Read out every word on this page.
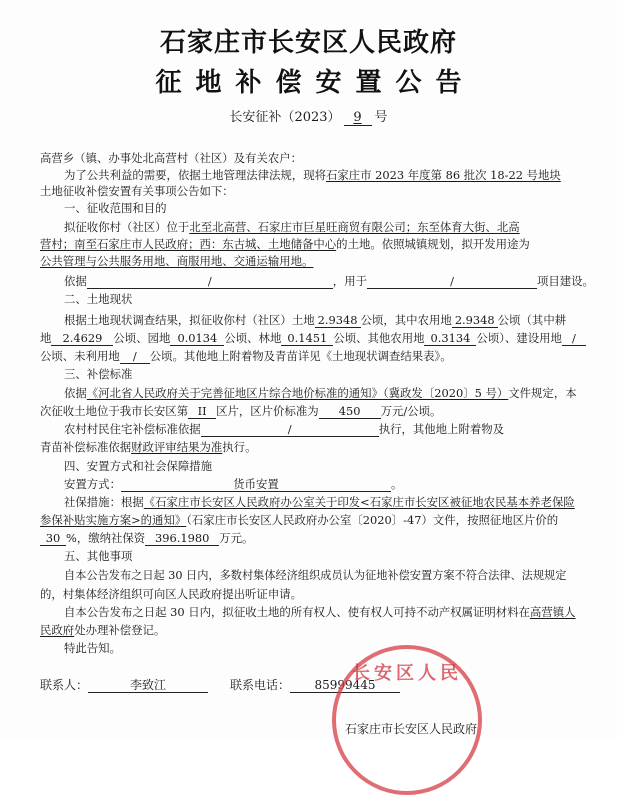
石家庄市长安区人民政府
征地补偿安置公告
长安征补（2023） 9 号
高营乡（镇、办事处北高营村（社区）及有关农户：
为了公共利益的需要，依据土地管理法律法规，现将石家庄市 2023 年度第 86 批次 18-22 号地块
土地征收补偿安置有关事项公告如下：
一、征收范围和目的
拟征收你村（社区）位于北至北高营、石家庄市巨星旺商贸有限公司；东至体育大街、北高
营村；南至石家庄市人民政府；西：东古城、土地储备中心的土地。依照城镇规划，拟开发用途为
公共管理与公共服务用地、商服用地、交通运输用地。
依据	/	，用于	/	项目建设。
二、土地现状
根据土地现状调查结果，拟征收你村（社区）土地 2.9348 公顷，其中农用地 2.9348 公顷（其中耕
地 2.4629 公顷、园地 0.0134 公顷、林地 0.1451 公顷、其他农用地 0.3134 公顷）、建设用地 /
公顷、未利用地 / 公顷。其他地上附着物及青苗详见《土地现状调查结果表》。
三、补偿标准
依据《河北省人民政府关于完善征地区片综合地价标准的通知》（冀政发〔2020〕5 号）文件规定，本
次征收土地位于我市长安区第 II 区片，区片价标准为 450 万元/公顷。
农村村民住宅补偿标准依据	/	执行，其他地上附着物及
青苗补偿标准依据财政评审结果为准执行。
四、安置方式和社会保障措施
安置方式：	货币安置	。
社保措施：根据《石家庄市长安区人民政府办公室关于印发<石家庄市长安区被征地农民基本养老保险
参保补贴实施方案>的通知》（石家庄市长安区人民政府办公室〔2020〕-47）文件，按照征地区片价的
30 %，缴纳社保资 396.1980 万元。
五、其他事项
自本公告发布之日起 30 日内，多数村集体经济组织成员认为征地补偿安置方案不符合法律、法规规定
的，村集体经济组织可向区人民政府提出听证申请。
自本公告发布之日起 30 日内，拟征收土地的所有权人、使有权人可持不动产权属证明材料在高营镇人
民政府处办理补偿登记。
特此告知。
联系人：	李致江	联系电话： 85999445
长安区人民
石家庄市长安区人民政府
